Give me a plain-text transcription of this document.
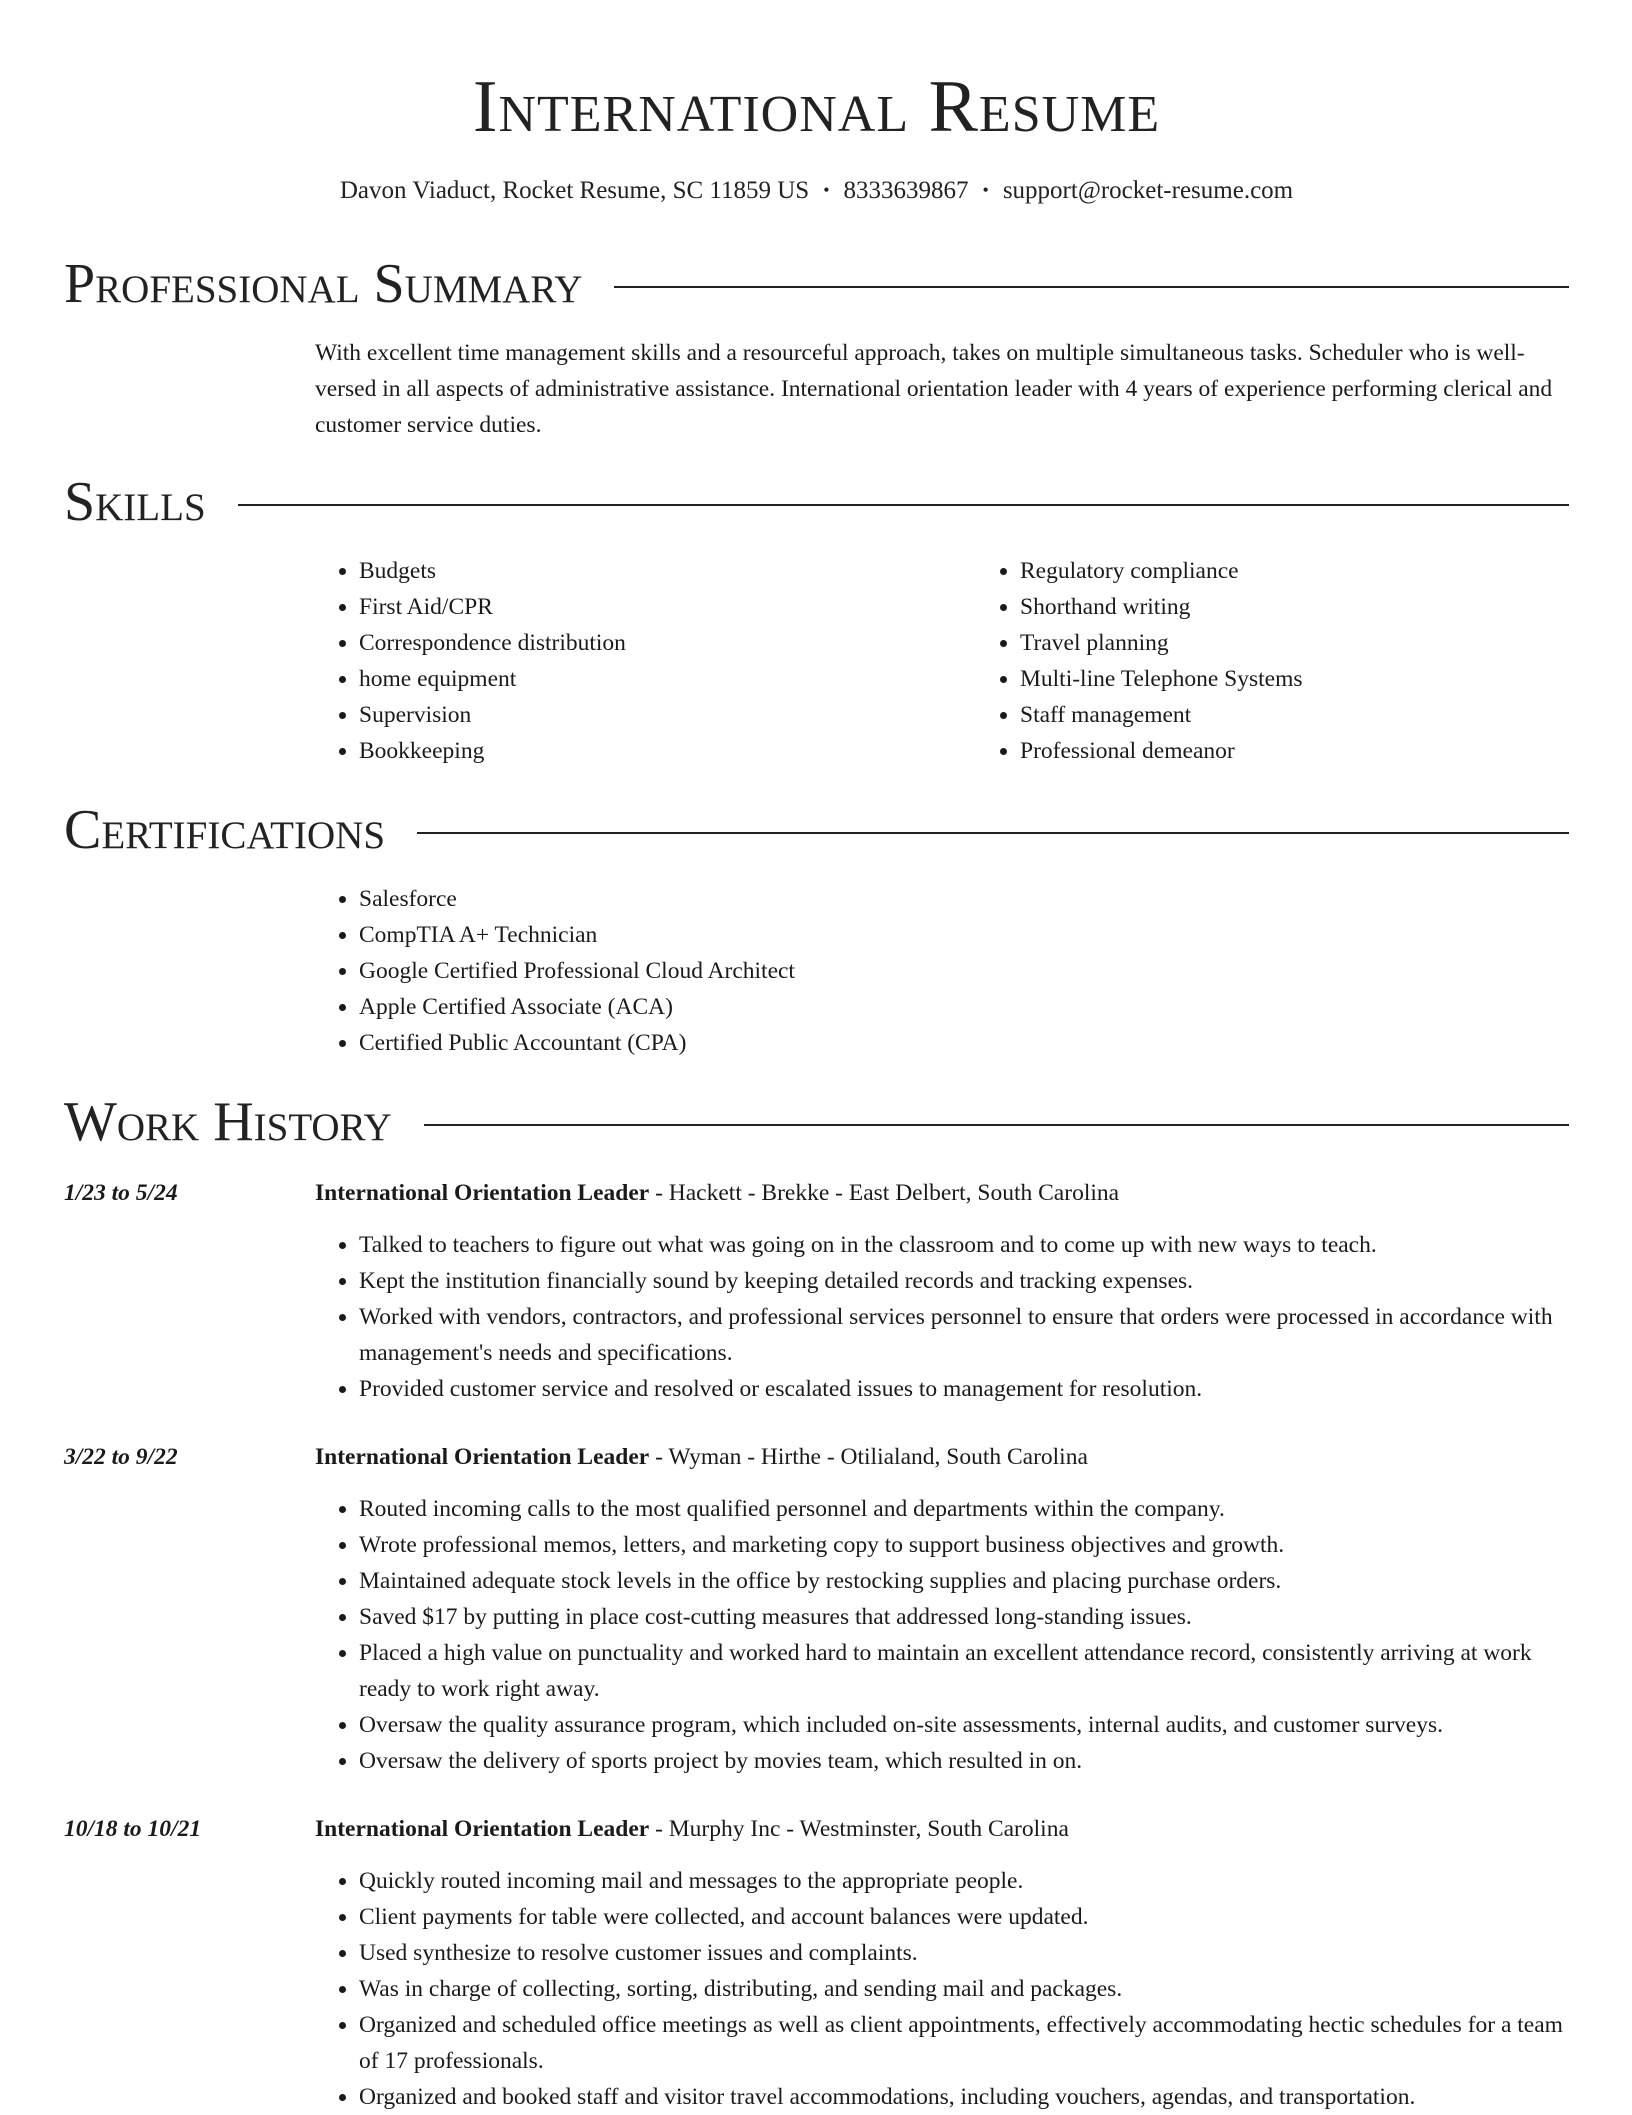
International Resume
Davon Viaduct, Rocket Resume, SC 11859 US • 8333639867 • support@rocket-resume.com
Professional Summary
With excellent time management skills and a resourceful approach, takes on multiple simultaneous tasks. Scheduler who is well-versed in all aspects of administrative assistance. International orientation leader with 4 years of experience performing clerical and customer service duties.
Skills
• Budgets
• First Aid/CPR
• Correspondence distribution
• home equipment
• Supervision
• Bookkeeping
• Regulatory compliance
• Shorthand writing
• Travel planning
• Multi-line Telephone Systems
• Staff management
• Professional demeanor
Certifications
• Salesforce
• CompTIA A+ Technician
• Google Certified Professional Cloud Architect
• Apple Certified Associate (ACA)
• Certified Public Accountant (CPA)
Work History
1/23 to 5/24	International Orientation Leader - Hackett - Brekke - East Delbert, South Carolina
• Talked to teachers to figure out what was going on in the classroom and to come up with new ways to teach.
• Kept the institution financially sound by keeping detailed records and tracking expenses.
• Worked with vendors, contractors, and professional services personnel to ensure that orders were processed in accordance with management's needs and specifications.
• Provided customer service and resolved or escalated issues to management for resolution.
3/22 to 9/22	International Orientation Leader - Wyman - Hirthe - Otilialand, South Carolina
• Routed incoming calls to the most qualified personnel and departments within the company.
• Wrote professional memos, letters, and marketing copy to support business objectives and growth.
• Maintained adequate stock levels in the office by restocking supplies and placing purchase orders.
• Saved $17 by putting in place cost-cutting measures that addressed long-standing issues.
• Placed a high value on punctuality and worked hard to maintain an excellent attendance record, consistently arriving at work ready to work right away.
• Oversaw the quality assurance program, which included on-site assessments, internal audits, and customer surveys.
• Oversaw the delivery of sports project by movies team, which resulted in on.
10/18 to 10/21	International Orientation Leader - Murphy Inc - Westminster, South Carolina
• Quickly routed incoming mail and messages to the appropriate people.
• Client payments for table were collected, and account balances were updated.
• Used synthesize to resolve customer issues and complaints.
• Was in charge of collecting, sorting, distributing, and sending mail and packages.
• Organized and scheduled office meetings as well as client appointments, effectively accommodating hectic schedules for a team of 17 professionals.
• Organized and booked staff and visitor travel accommodations, including vouchers, agendas, and transportation.
